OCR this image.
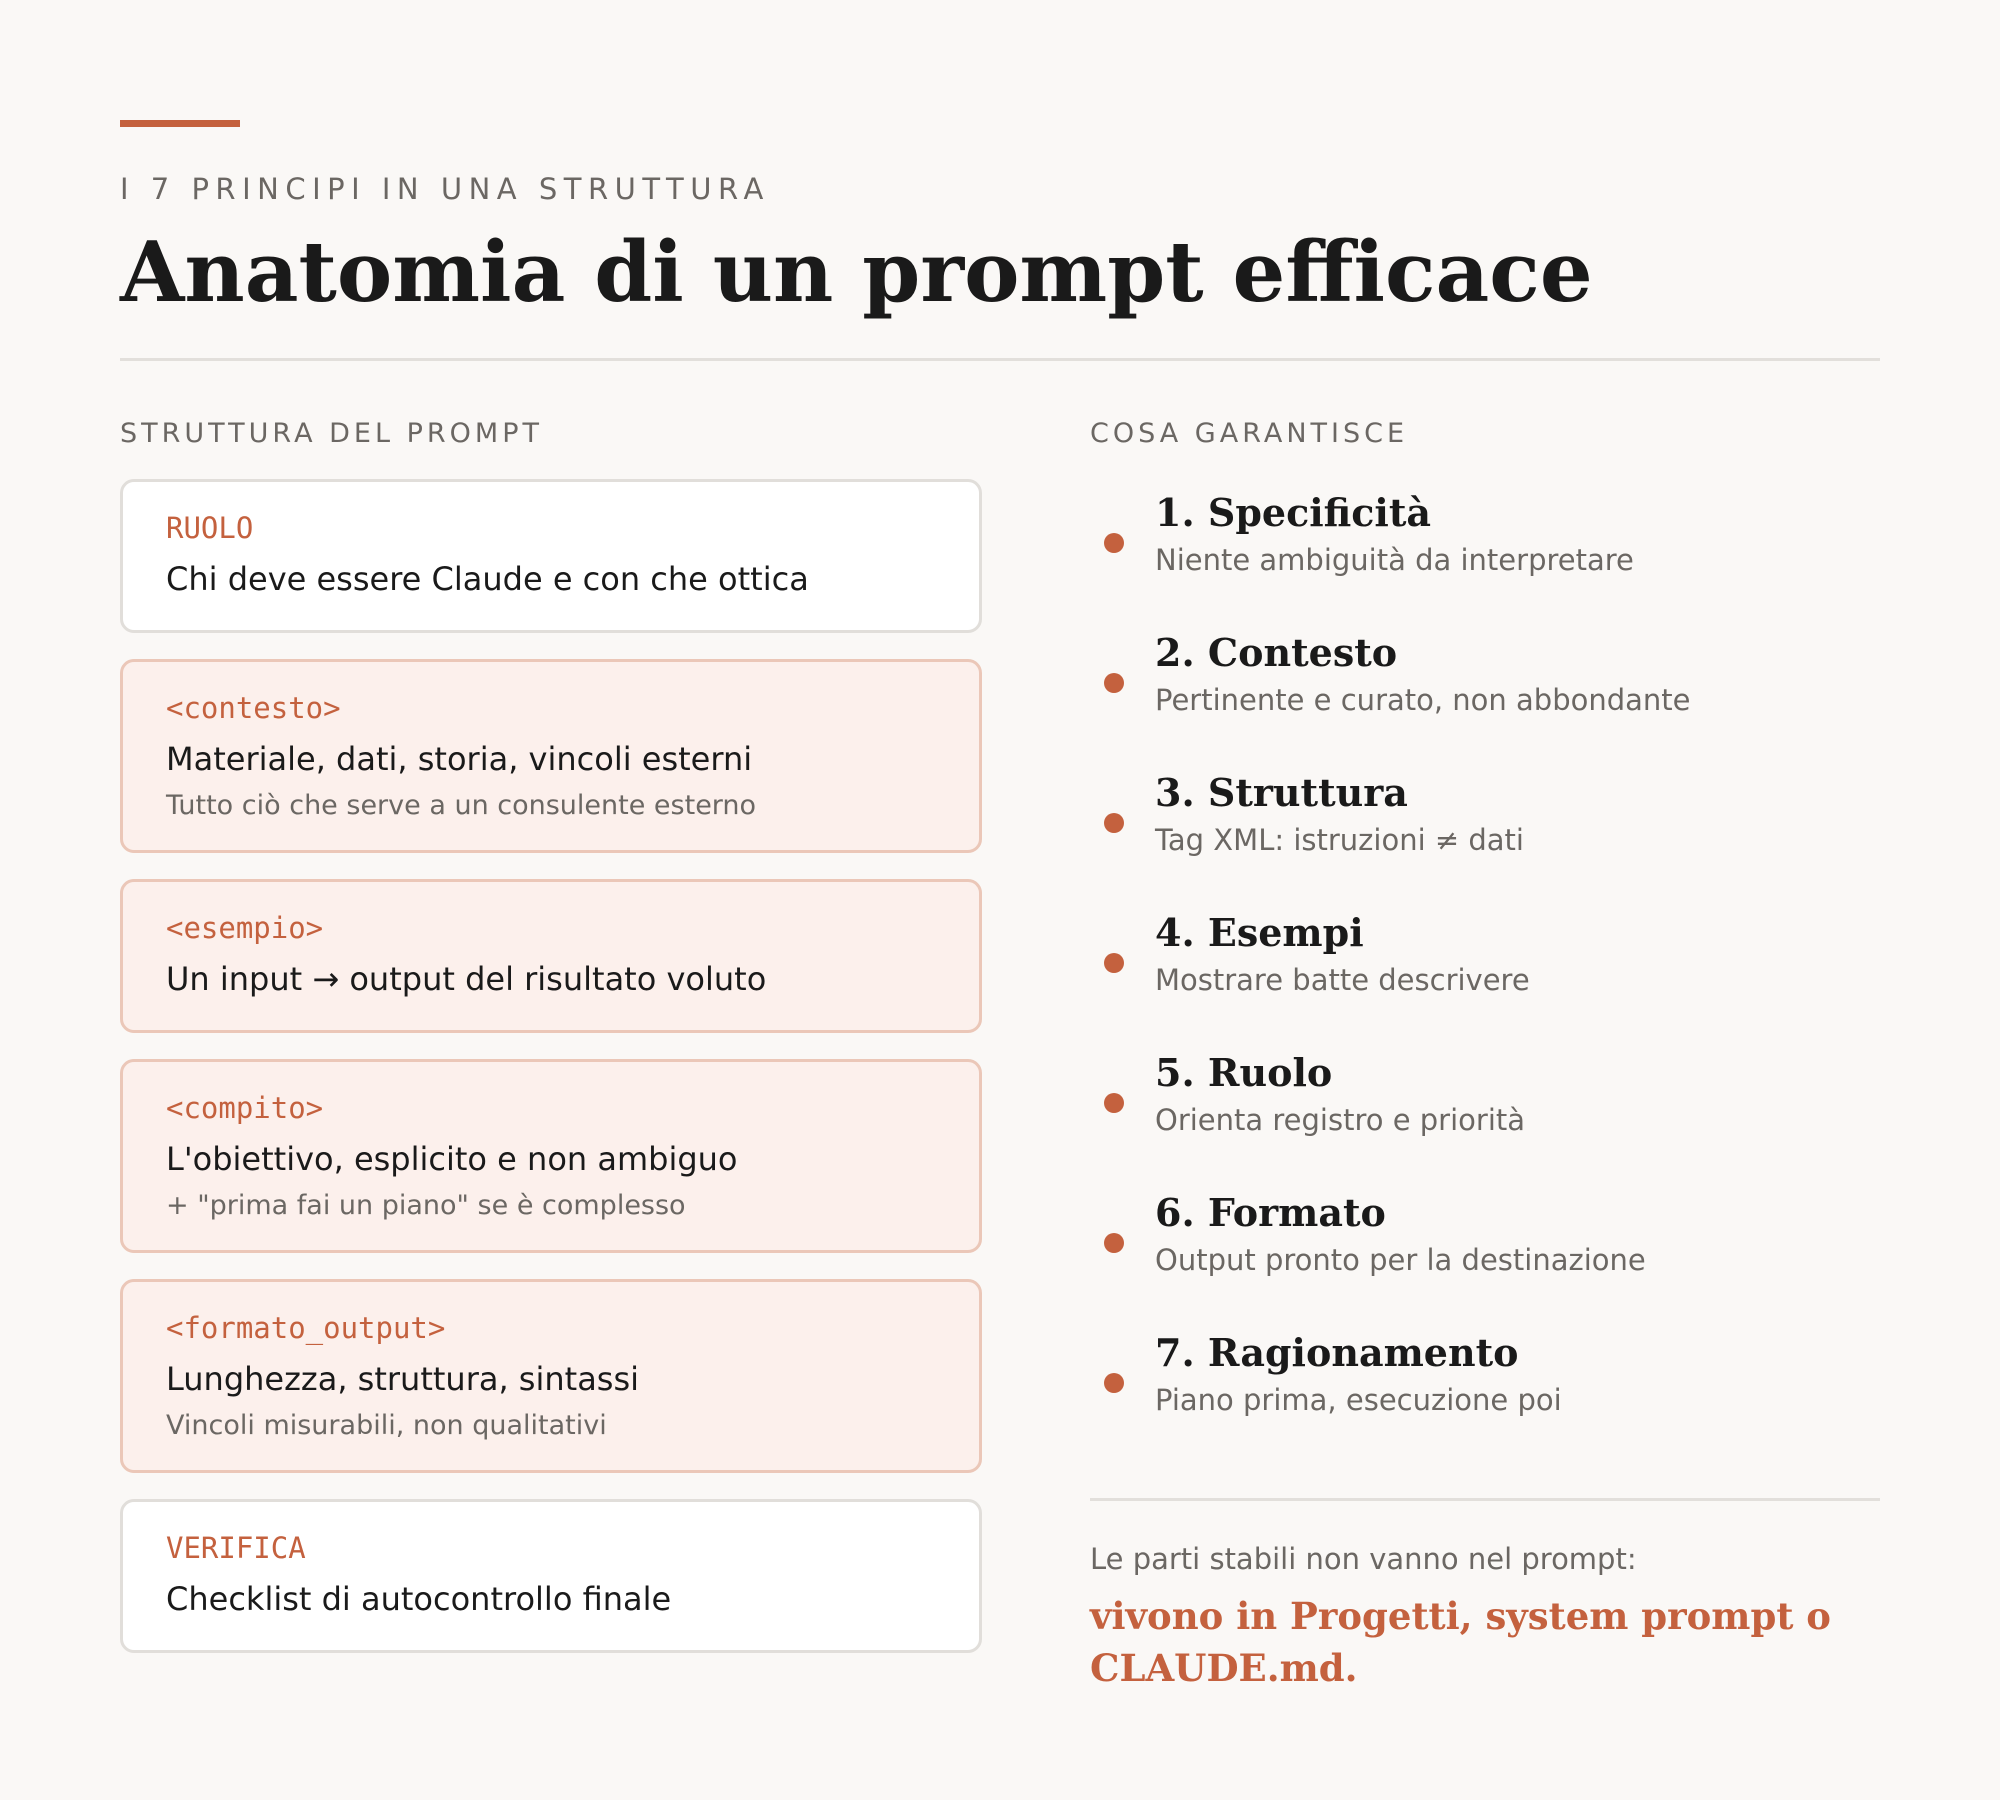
I 7 PRINCIPI IN UNA STRUTTURA
Anatomia di un prompt efficace
STRUTTURA DEL PROMPT	COSA GARANTISCE
RUOLO
Chi deve essere Claude e con che ottica
<contesto>
Materiale, dati, storia, vincoli esterni
Tutto ciò che serve a un consulente esterno
<esempio>
Un input → output del risultato voluto
<compito>
L'obiettivo, esplicito e non ambiguo
+ "prima fai un piano" se è complesso
<formato_output>
Lunghezza, struttura, sintassi
Vincoli misurabili, non qualitativi
VERIFICA
Checklist di autocontrollo finale
1. Specificità
Niente ambiguità da interpretare
2. Contesto
Pertinente e curato, non abbondante
3. Struttura
Tag XML: istruzioni ≠ dati
4. Esempi
Mostrare batte descrivere
5. Ruolo
Orienta registro e priorità
6. Formato
Output pronto per la destinazione
7. Ragionamento
Piano prima, esecuzione poi
Le parti stabili non vanno nel prompt:

vivono in Progetti, system prompt o CLAUDE.md.
